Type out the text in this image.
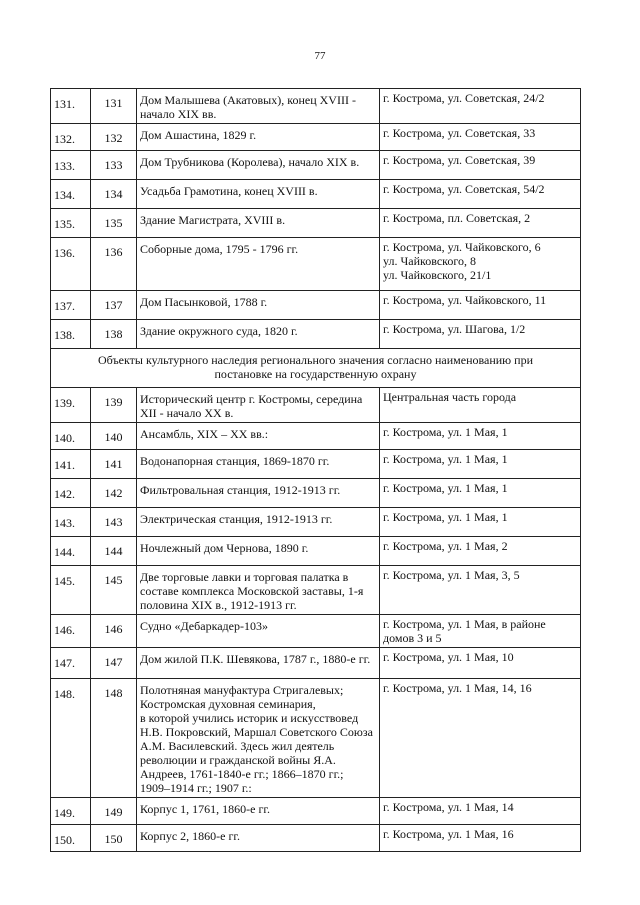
77
131.	131	Дом Малышева (Акатовых), конец XVIII - начало XIX вв.	г. Кострома, ул. Советская, 24/2
132.	132	Дом Ашастина, 1829 г.	г. Кострома, ул. Советская, 33
133.	133	Дом Трубникова (Королева), начало XIX в.	г. Кострома, ул. Советская, 39
134.	134	Усадьба Грамотина, конец XVIII в.	г. Кострома, ул. Советская, 54/2
135.	135	Здание Магистрата, XVIII в.	г. Кострома, пл. Советская, 2
136.	136	Соборные дома, 1795 - 1796 гг.	г. Кострома, ул. Чайковского, 6
ул. Чайковского, 8
ул. Чайковского, 21/1
137.	137	Дом Пасынковой, 1788 г.	г. Кострома, ул. Чайковского, 11
138.	138	Здание окружного суда, 1820 г.	г. Кострома, ул. Шагова, 1/2
Объекты культурного наследия регионального значения согласно наименованию при постановке на государственную охрану			
139.	139	Исторический центр г. Костромы, середина XII - начало XX в.	Центральная часть города
140.	140	Ансамбль, XIX – XX вв.:	г. Кострома, ул. 1 Мая, 1
141.	141	Водонапорная станция, 1869-1870 гг.	г. Кострома, ул. 1 Мая, 1
142.	142	Фильтровальная станция, 1912-1913 гг.	г. Кострома, ул. 1 Мая, 1
143.	143	Электрическая станция, 1912-1913 гг.	г. Кострома, ул. 1 Мая, 1
144.	144	Ночлежный дом Чернова, 1890 г.	г. Кострома, ул. 1 Мая, 2
145.	145	Две торговые лавки и торговая палатка в составе комплекса Московской заставы, 1-я половина XIX в., 1912-1913 гг.	г. Кострома, ул. 1 Мая, 3, 5
146.	146	Судно «Дебаркадер-103»	г. Кострома, ул. 1 Мая, в районе домов 3 и 5
147.	147	Дом жилой П.К. Шевякова, 1787 г., 1880-е гг.	г. Кострома, ул. 1 Мая, 10
148.	148	Полотняная мануфактура Стригалевых;
Костромская духовная семинария,
в которой учились историк и искусствовед Н.В. Покровский, Маршал Советского Союза А.М. Василевский. Здесь жил деятель революции и гражданской войны Я.А. Андреев, 1761-1840-е гг.; 1866–1870 гг.; 1909–1914 гг.; 1907 г.:	г. Кострома, ул. 1 Мая, 14, 16
149.	149	Корпус 1, 1761, 1860-е гг.	г. Кострома, ул. 1 Мая, 14
150.	150	Корпус 2, 1860-е гг.	г. Кострома, ул. 1 Мая, 16
